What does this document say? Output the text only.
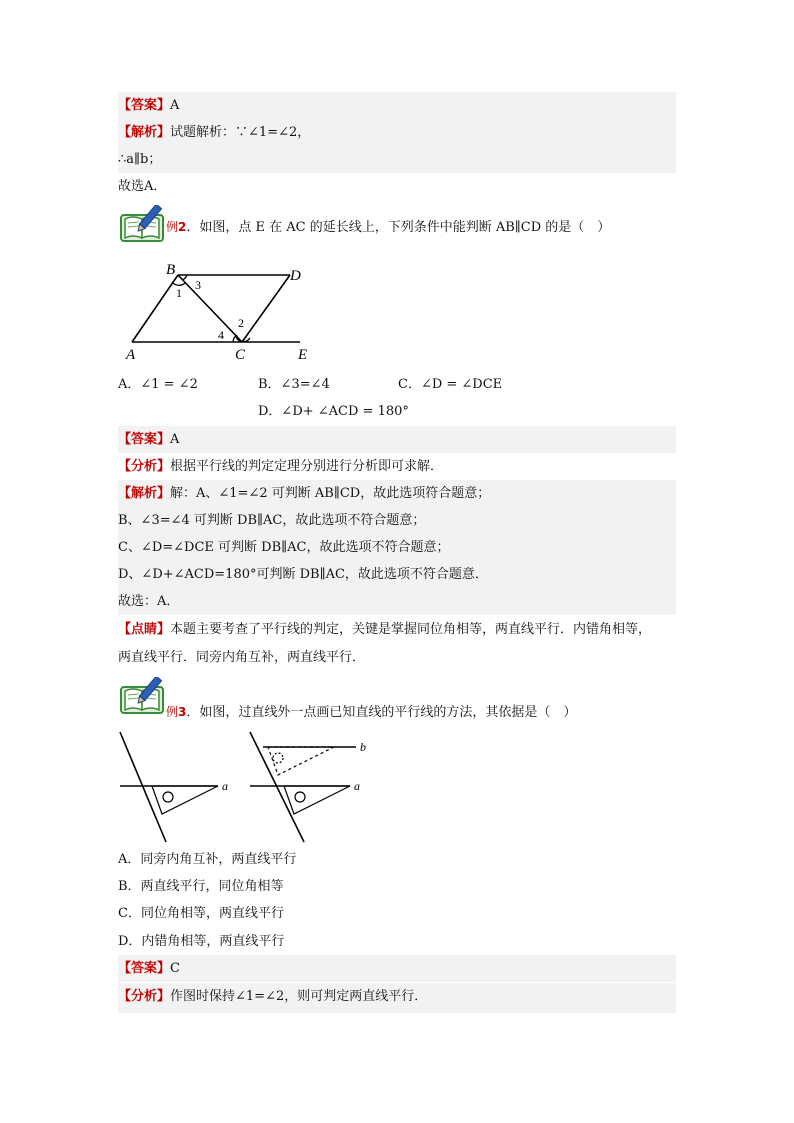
【答案】A
【解析】试题解析：∵∠1=∠2，
∴a∥b；
故选A．
例2．如图，点 E 在 AC 的延长线上，下列条件中能判断 AB∥CD 的是（　）
B	D
A	C	E
1
3
2
4
A．∠1 = ∠2	B．∠3=∠4	C．∠D = ∠DCE
D．∠D+ ∠ACD = 180°
【答案】A
【分析】根据平行线的判定定理分别进行分析即可求解．
【解析】解：A、∠1=∠2 可判断 AB∥CD，故此选项符合题意；
B、∠3=∠4 可判断 DB∥AC，故此选项不符合题意；
C、∠D=∠DCE 可判断 DB∥AC，故此选项不符合题意；
D、∠D+∠ACD=180°可判断 DB∥AC，故此选项不符合题意．
故选：A．
【点睛】本题主要考查了平行线的判定，关键是掌握同位角相等，两直线平行．内错角相等，
两直线平行．同旁内角互补，两直线平行．
例3．如图，过直线外一点画已知直线的平行线的方法，其依据是（　）
a	a
b
A．同旁内角互补，两直线平行
B．两直线平行，同位角相等
C．同位角相等，两直线平行
D．内错角相等，两直线平行
【答案】C
【分析】作图时保持∠1=∠2，则可判定两直线平行．
